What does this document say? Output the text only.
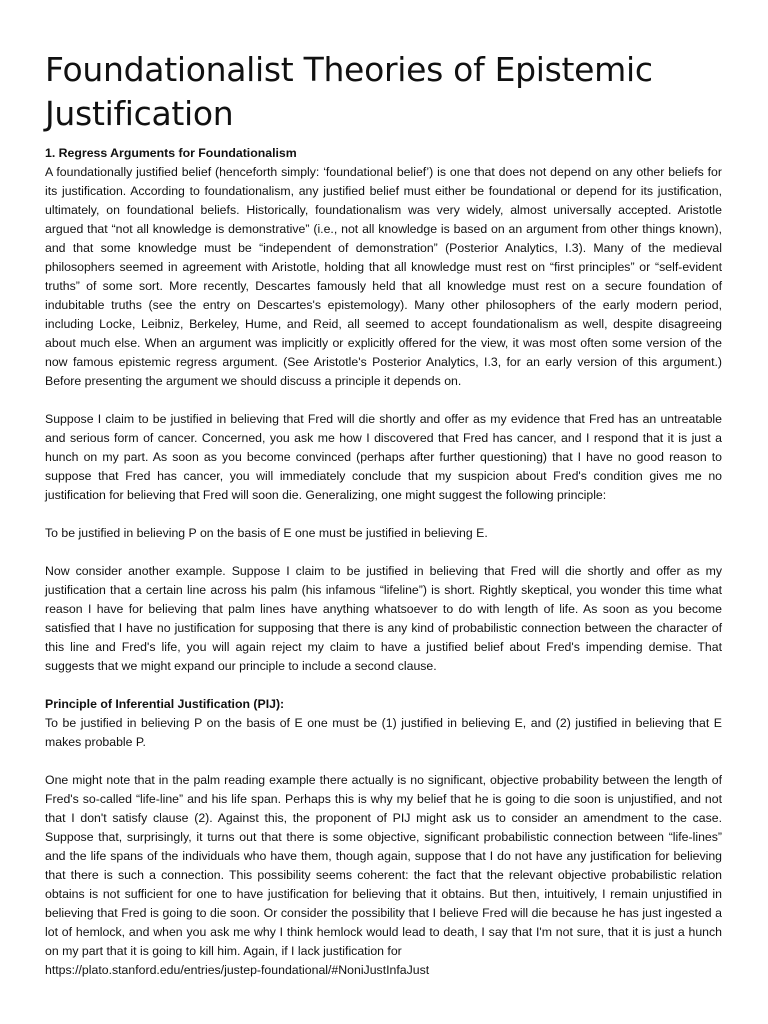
Foundationalist Theories of Epistemic Justification
1. Regress Arguments for Foundationalism

A foundationally justified belief (henceforth simply: ‘foundational belief’) is one that does not depend on any other beliefs for its justification. According to foundationalism, any justified belief must either be foundational or depend for its justification, ultimately, on foundational beliefs. Historically, foundationalism was very widely, almost universally accepted. Aristotle argued that “not all knowledge is demonstrative” (i.e., not all knowledge is based on an argument from other things known), and that some knowledge must be “independent of demonstration” (Posterior Analytics, I.3). Many of the medieval philosophers seemed in agreement with Aristotle, holding that all knowledge must rest on “first principles” or “self-evident truths” of some sort. More recently, Descartes famously held that all knowledge must rest on a secure foundation of indubitable truths (see the entry on Descartes's epistemology). Many other philosophers of the early modern period, including Locke, Leibniz, Berkeley, Hume, and Reid, all seemed to accept foundationalism as well, despite disagreeing about much else. When an argument was implicitly or explicitly offered for the view, it was most often some version of the now famous epistemic regress argument. (See Aristotle's Posterior Analytics, I.3, for an early version of this argument.) Before presenting the argument we should discuss a principle it depends on.

Suppose I claim to be justified in believing that Fred will die shortly and offer as my evidence that Fred has an untreatable and serious form of cancer. Concerned, you ask me how I discovered that Fred has cancer, and I respond that it is just a hunch on my part. As soon as you become convinced (perhaps after further questioning) that I have no good reason to suppose that Fred has cancer, you will immediately conclude that my suspicion about Fred's condition gives me no justification for believing that Fred will soon die. Generalizing, one might suggest the following principle:

To be justified in believing P on the basis of E one must be justified in believing E.

Now consider another example. Suppose I claim to be justified in believing that Fred will die shortly and offer as my justification that a certain line across his palm (his infamous “lifeline”) is short. Rightly skeptical, you wonder this time what reason I have for believing that palm lines have anything whatsoever to do with length of life. As soon as you become satisfied that I have no justification for supposing that there is any kind of probabilistic connection between the character of this line and Fred's life, you will again reject my claim to have a justified belief about Fred's impending demise. That suggests that we might expand our principle to include a second clause.

Principle of Inferential Justification (PIJ):

To be justified in believing P on the basis of E one must be (1) justified in believing E, and (2) justified in believing that E makes probable P.

One might note that in the palm reading example there actually is no significant, objective probability between the length of Fred's so-called “life-line” and his life span. Perhaps this is why my belief that he is going to die soon is unjustified, and not that I don't satisfy clause (2). Against this, the proponent of PIJ might ask us to consider an amendment to the case. Suppose that, surprisingly, it turns out that there is some objective, significant probabilistic connection between “life-lines” and the life spans of the individuals who have them, though again, suppose that I do not have any justification for believing that there is such a connection. This possibility seems coherent: the fact that the relevant objective probabilistic relation obtains is not sufficient for one to have justification for believing that it obtains. But then, intuitively, I remain unjustified in believing that Fred is going to die soon. Or consider the possibility that I believe Fred will die because he has just ingested a lot of hemlock, and when you ask me why I think hemlock would lead to death, I say that I'm not sure, that it is just a hunch on my part that it is going to kill him. Again, if I lack justification for

https://plato.stanford.edu/entries/justep-foundational/#NoniJustInfaJust
